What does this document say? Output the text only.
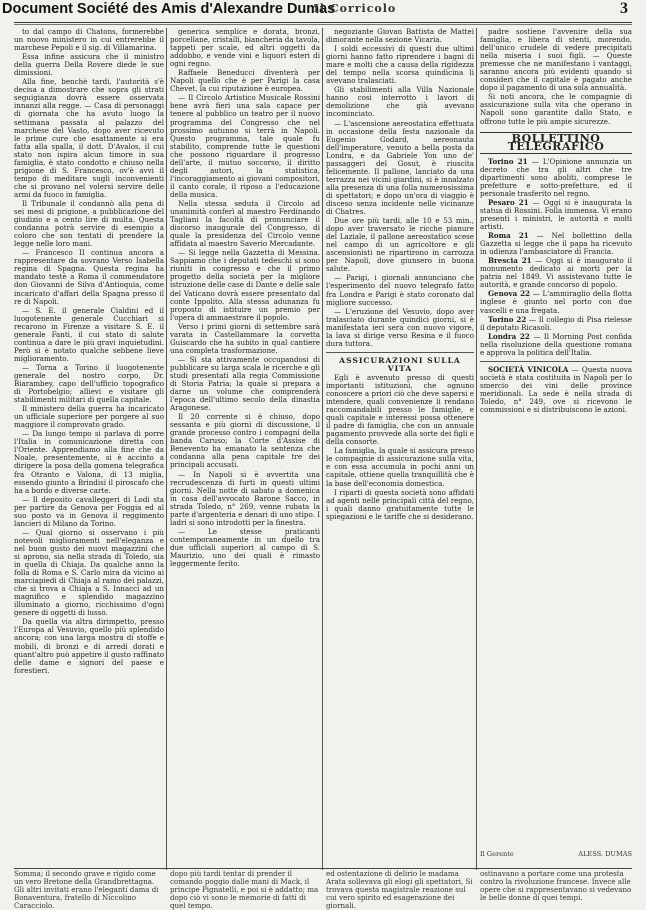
Document Société des Amis d'Alexandre Dumas
Il Corricolo	3

to dal campo di Chatons, formerebbe un nuovo ministero in cui entrerebbe il marchese Pepoli e il sig. di Villamarina.

Essa infine assicura che il ministro della guerra Della Rovere diede le sue dimissioni.

Alla fine, benchè tardi, l'autorità s'è decisa a dimostrare che sopra gli strati seguigianza dovrà essere osservata innanzi alla regge. — Casa di personaggi di giornata che ha avuto luogo la settimana passata al palazzo del marchese del Vasto, dopo aver ricevuto le prime cure che esattamente si era fatta alla spalla, il dott. D'Avalos, il cui stato non ispira alcun timore in sua famiglia, è stato condotto e chiuso nella prigione di S. Francesco, ov'è avvi il tempo di meditare sugli inconvenienti che si provano nel volersi servire delle armi da fuoco in famiglia.

Il Tribunale il condannò alla pena di sei mesi di prigione, a pubblicazione del giudizio e a cento lire di multa. Questa condanna potrà servire di esempio a coloro che son tentati di prendere la legge nelle loro mani.

— Francesco II continua ancora a rappresentare da sovrano Verso Isabella regina di Spagna. Questa regina ha mandato testè a Roma il commendatore don Giovanni de Silva d'Antioquia, come incaricato d'affari della Spagna presso il re di Napoli.

— S. E. il generale Cialdini ed il luogotenente generale Cucchiari si recarono in Firenze a visitare S. E. il generale Fanti, il cui stato di salute continua a dare le più gravi inquietudini. Però si è notato qualche sebbene lieve miglioramento.

— Torna a Torino il luogotenente generale del nostro corpo, Dr. Biarambey, capo dell'ufficio topografico di Portobelgio; allievi e visitare gli stabilimenti militari di quella capitale.

Il ministero della guerra ha incaricato un ufficiale superiore per porgere al suo maggiore il comprovato grado.

— Da lungo tempo si parlava di porre l'Italia in comunicazione diretta con l'Oriente. Apprendiamo alla fine che da Noale, presentemente, si è accinto a dirigere la posa della gomena telegrafica fra Otranto e Valona, di 13 miglia, essendo giunto a Brindisi il piroscafo che ha a bordo e diverse carte.

— Il deposito cavalleggeri di Lodi sta per partire da Genova per Foggia ed al suo posto va in Genova il reggimento lancieri di Milano da Torino.

— Qual giorno si osservano i più notevoli miglioramenti nell'eleganza e nel buon gusto dei nuovi magazzini che si aprono, sia nella strada di Toledo, sia in quella di Chiaja. Da qualche anno la folla di Roma e S. Carlo mira da vicino ai marciapiedi di Chiaja al ramo dei palazzi, che si trova a Chiaja a S. Innacci ad un magnifico e splendido magazzino illuminato a giorno, ricchissimo d'ogni genere di oggetti di lusso.

Da quella via altra dirimpetto, presso l'Europa al Vesuvio, quello più splendido ancora; con una larga mostra di stoffe e mobili, di bronzi e di arredi dorati e quant'altro può appetire il gusto raffinato delle dame e signori del paese e forestieri.

generica semplice e dorata, bronzi, porcellane, cristalli, biancheria da tavola, tappeti per scale, ed altri oggetti da addobbo, e vende vini e liquori esteri di ogni regno.

Raffaele Beneducci diventerà per Napoli quello che è per Parigi la casa Chevet, la cui riputazione è europea.

— Il Circolo Artistico Musicale Rossini bene avrà fieri una sala capace per tenere al pubblico un teatro per il nuovo programma del Congresso che nel prossimo autunno si terrà in Napoli. Questo programma, tale quale fu stabilito, comprende tutte le questioni che possono riguardare il progresso dell'arte, il mutuo soccorso, il diritto degli autori, la statistica, l'incoraggiamento ai giovani compositori, il canto corale, il riposo a l'educazione della musica.

Nella stessa seduta il Circolo ad unanimità conferì al maestro Ferdinando Tagliani la facoltà di pronunciare il discorso inaugurale del Congresso, di quale la presidenza del Circolo venne affidata al maestro Saverio Mercadante.

— Si legge nella Gazzetta di Messina. Sappiamo che i deputati tedeschi si sono riuniti in congresso e che il primo progetto della società per la migliore istruzione delle case di Dante e delle sale del Vaticano dovrà essere presentato dal conte Ippolito. Alla stessa adunanza fu proposto di istituire un premio per l'opera di ammaestrare il popolo.

Verso i primi giorni di settembre sarà varata in Castellammare la corvetta Guiscardo che ha subito in qual cantiere una completa trasformazione.

— Si sta attivamente occupandosi di pubblicare su larga scala le ricerche e gli studi presentati alla regia Commissione di Storia Patria; la quale si prepara a darne un volume che comprenderà l'epoca dell'ultimo secolo della dinastia Aragonese.

Il 20 corrente si è chiuso, dopo sessanta e più giorni di discussione, il grande processo contro i compagni della banda Caruso; la Corte d'Assise di Benevento ha emanato la sentenza che condanna alla pena capitale tre dei principali accusati.

— In Napoli si è avvertita una recrudescenza di furti in questi ultimi giorni. Nella notte di sabato a domenica in casa dell'avvocato Barone Sacco, in strada Toledo, n° 269, venne rubata la parte d'argenteria e denari di uno stipo. I ladri si sono introdotti per la finestra.

— Le stesse praticanti contemporaneamente in un duello tra due ufficiali superiori al campo di S. Maurizio, uno dei quali è rimasto leggermente ferito.

negoziante Giovan Battista de Mattei dimorante nella sezione Vicaria.

I soldi eccessivi di questi due ultimi giorni hanno fatto riprendere i bagni di mare e molti che a causa della rigidezza del tempo nella scorsa quindicina li avevano tralasciati.

Gli stabilimenti alla Villa Nazionale hanno così interrotto i lavori di demolizione che già avevano incominciato.

— L'ascensione aereostatica effettuata in occasione della festa nazionale da Eugenio Godard, aereonauta dell'imperatore, venuto a bella posta da Londra, e da Gabriele Yon uno de' passaggeri del Gosut, è riuscita felicemente. Il pallone, lanciato da una terrazza nei vicini giardini, si è innalzato alla presenza di una folla numerosissima di spettatori; e dopo un'ora di viaggio è disceso senza incidente nelle vicinanze di Chatres.

Due ore più tardi, alle 10 e 53 min., dopo aver traversato le ricche pianure del Laziale, il pallone aereostatico scese nel campo di un agricoltore e gli ascensionisti ne ripartirono in carrozza per Napoli, dove giunsero in buona salute.

— Parigi, i giornali annunciano che l'esperimento del nuovo telegrafo fatto fra Londra e Parigi è stato coronato dal migliore successo.

— L'eruzione del Vesuvio, dopo aver tralasciato durante quindici giorni, si è manifestata ieri sera con nuovo vigore, la lava si dirige verso Resina e il fuoco dura tuttora.

ASSICURAZIONI SULLA VITA

Egli è avvenuto presso di questi importanti istituzioni, che ognuno conoscere a priori ciò che deve sapersi e intendere, quali convenienze li rendano raccomandabili presso le famiglie, e quali capitale e interessi possa ottenere il padre di famiglia, che con un annuale pagamento provvede alla sorte dei figli e della consorte.

La famiglia, la quale si assicura presso le compagnie di assicurazione sulla vita, e con essa accumula in pochi anni un capitale, ottiene quella tranquillità che è la base dell'economia domestica.

I riparti di questa società sono affidati ad agenti nelle principali città del regno, i quali danno gratuitamente tutte le spiegazioni e le tariffe che si desiderano.

padre sostiene l'avvenire della sua famiglia, e libera di stenti, morendo, dell'unico crudele di vedere precipitati nella miseria i suoi figli. — Queste premesse che ne manifestano i vantaggi, saranno ancora più evidenti quando si consideri che il capitale è pagato anche dopo il pagamento di una sola annualità.

Si noti ancora, che le compagnie di assicurazione sulla vita che operano in Napoli sono garantite dallo Stato, e offrono tutte le più ampie sicurezze.

BOLLETTINO TELEGRAFICO

Torino 21 — L'Opinione annunzia un decreto che tra gli altri che tre dipartimenti sono aboliti, comprese le prefetture e sotto-prefetture, ed il personale trasferito nel regno.

Pesaro 21 — Oggi si è inaugurata la statua di Rossini. Folla immensa. Vi erano presenti i ministri, le autorità e molti artisti.

Roma 21 — Nel bollettino della Gazzetta si legge che il papa ha ricevuto in udienza l'ambasciatore di Francia.

Brescia 21 — Oggi si è inaugurato il monumento dedicato ai morti per la patria nel 1849. Vi assistevano tutte le autorità, e grande concorso di popolo.

Genova 22 — L'ammiraglio della flotta inglese è giunto nel porto con due vascelli e una fregata.

Torino 22 — Il collegio di Pisa rielesse il deputato Ricasoli.

Londra 22 — Il Morning Post confida nella risoluzione della questione romana e approva la politica dell'Italia.

SOCIETÀ VINICOLA — Questa nuova società è stata costituita in Napoli per lo smercio dei vini delle province meridionali. La sede è nella strada di Toledo, n° 249, ove si ricevono le commissioni e si distribuiscono le azioni.

Il Gerente	ALESS. DUMAS
Somma; il secondo grave e rigido come un vero Bretone della Grandbrettagna. Gli altri invitati erano l'eleganti dama di Bonaventura, fratello di Niccolino Caracciolo.
dopo più tardi tentar di prender il comando poggio dalle mani di Mack, il principe Pignatelli, e poi si è addatto; ma dopo ciò vi sono le memorie di fatti di quel tempo.
ed ostentazione di delirio le madama Arata sollevava gli elogi gli spettatori, Si trovava questa magistrale reazione sul cui vero spirito ed esagerazione dei giornali.
ostinavano a portare come una protesta contro la rivoluzione francese. Invece alle opere che si rappresentavano si vedevano le belle donne di quei tempi.
